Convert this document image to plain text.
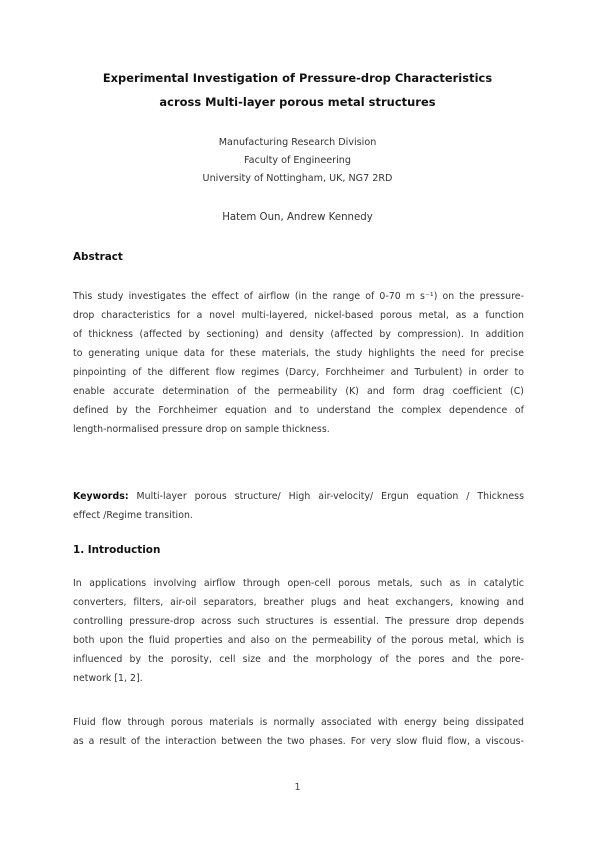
Experimental Investigation of Pressure-drop Characteristics
across Multi-layer porous metal structures
Manufacturing Research Division
Faculty of Engineering
University of Nottingham, UK, NG7 2RD
Hatem Oun, Andrew Kennedy
Abstract
This study investigates the effect of airflow (in the range of 0-70 m s⁻¹) on the pressure-
drop characteristics for a novel multi-layered, nickel-based porous metal, as a function
of thickness (affected by sectioning) and density (affected by compression). In addition
to generating unique data for these materials, the study highlights the need for precise
pinpointing of the different flow regimes (Darcy, Forchheimer and Turbulent) in order to
enable accurate determination of the permeability (K) and form drag coefficient (C)
defined by the Forchheimer equation and to understand the complex dependence of
length-normalised pressure drop on sample thickness.
Keywords: Multi-layer porous structure/ High air-velocity/ Ergun equation / Thickness
effect /Regime transition.
1. Introduction
In applications involving airflow through open-cell porous metals, such as in catalytic
converters, filters, air-oil separators, breather plugs and heat exchangers, knowing and
controlling pressure-drop across such structures is essential. The pressure drop depends
both upon the fluid properties and also on the permeability of the porous metal, which is
influenced by the porosity, cell size and the morphology of the pores and the pore-
network [1, 2].
Fluid flow through porous materials is normally associated with energy being dissipated
as a result of the interaction between the two phases. For very slow fluid flow, a viscous-
1
